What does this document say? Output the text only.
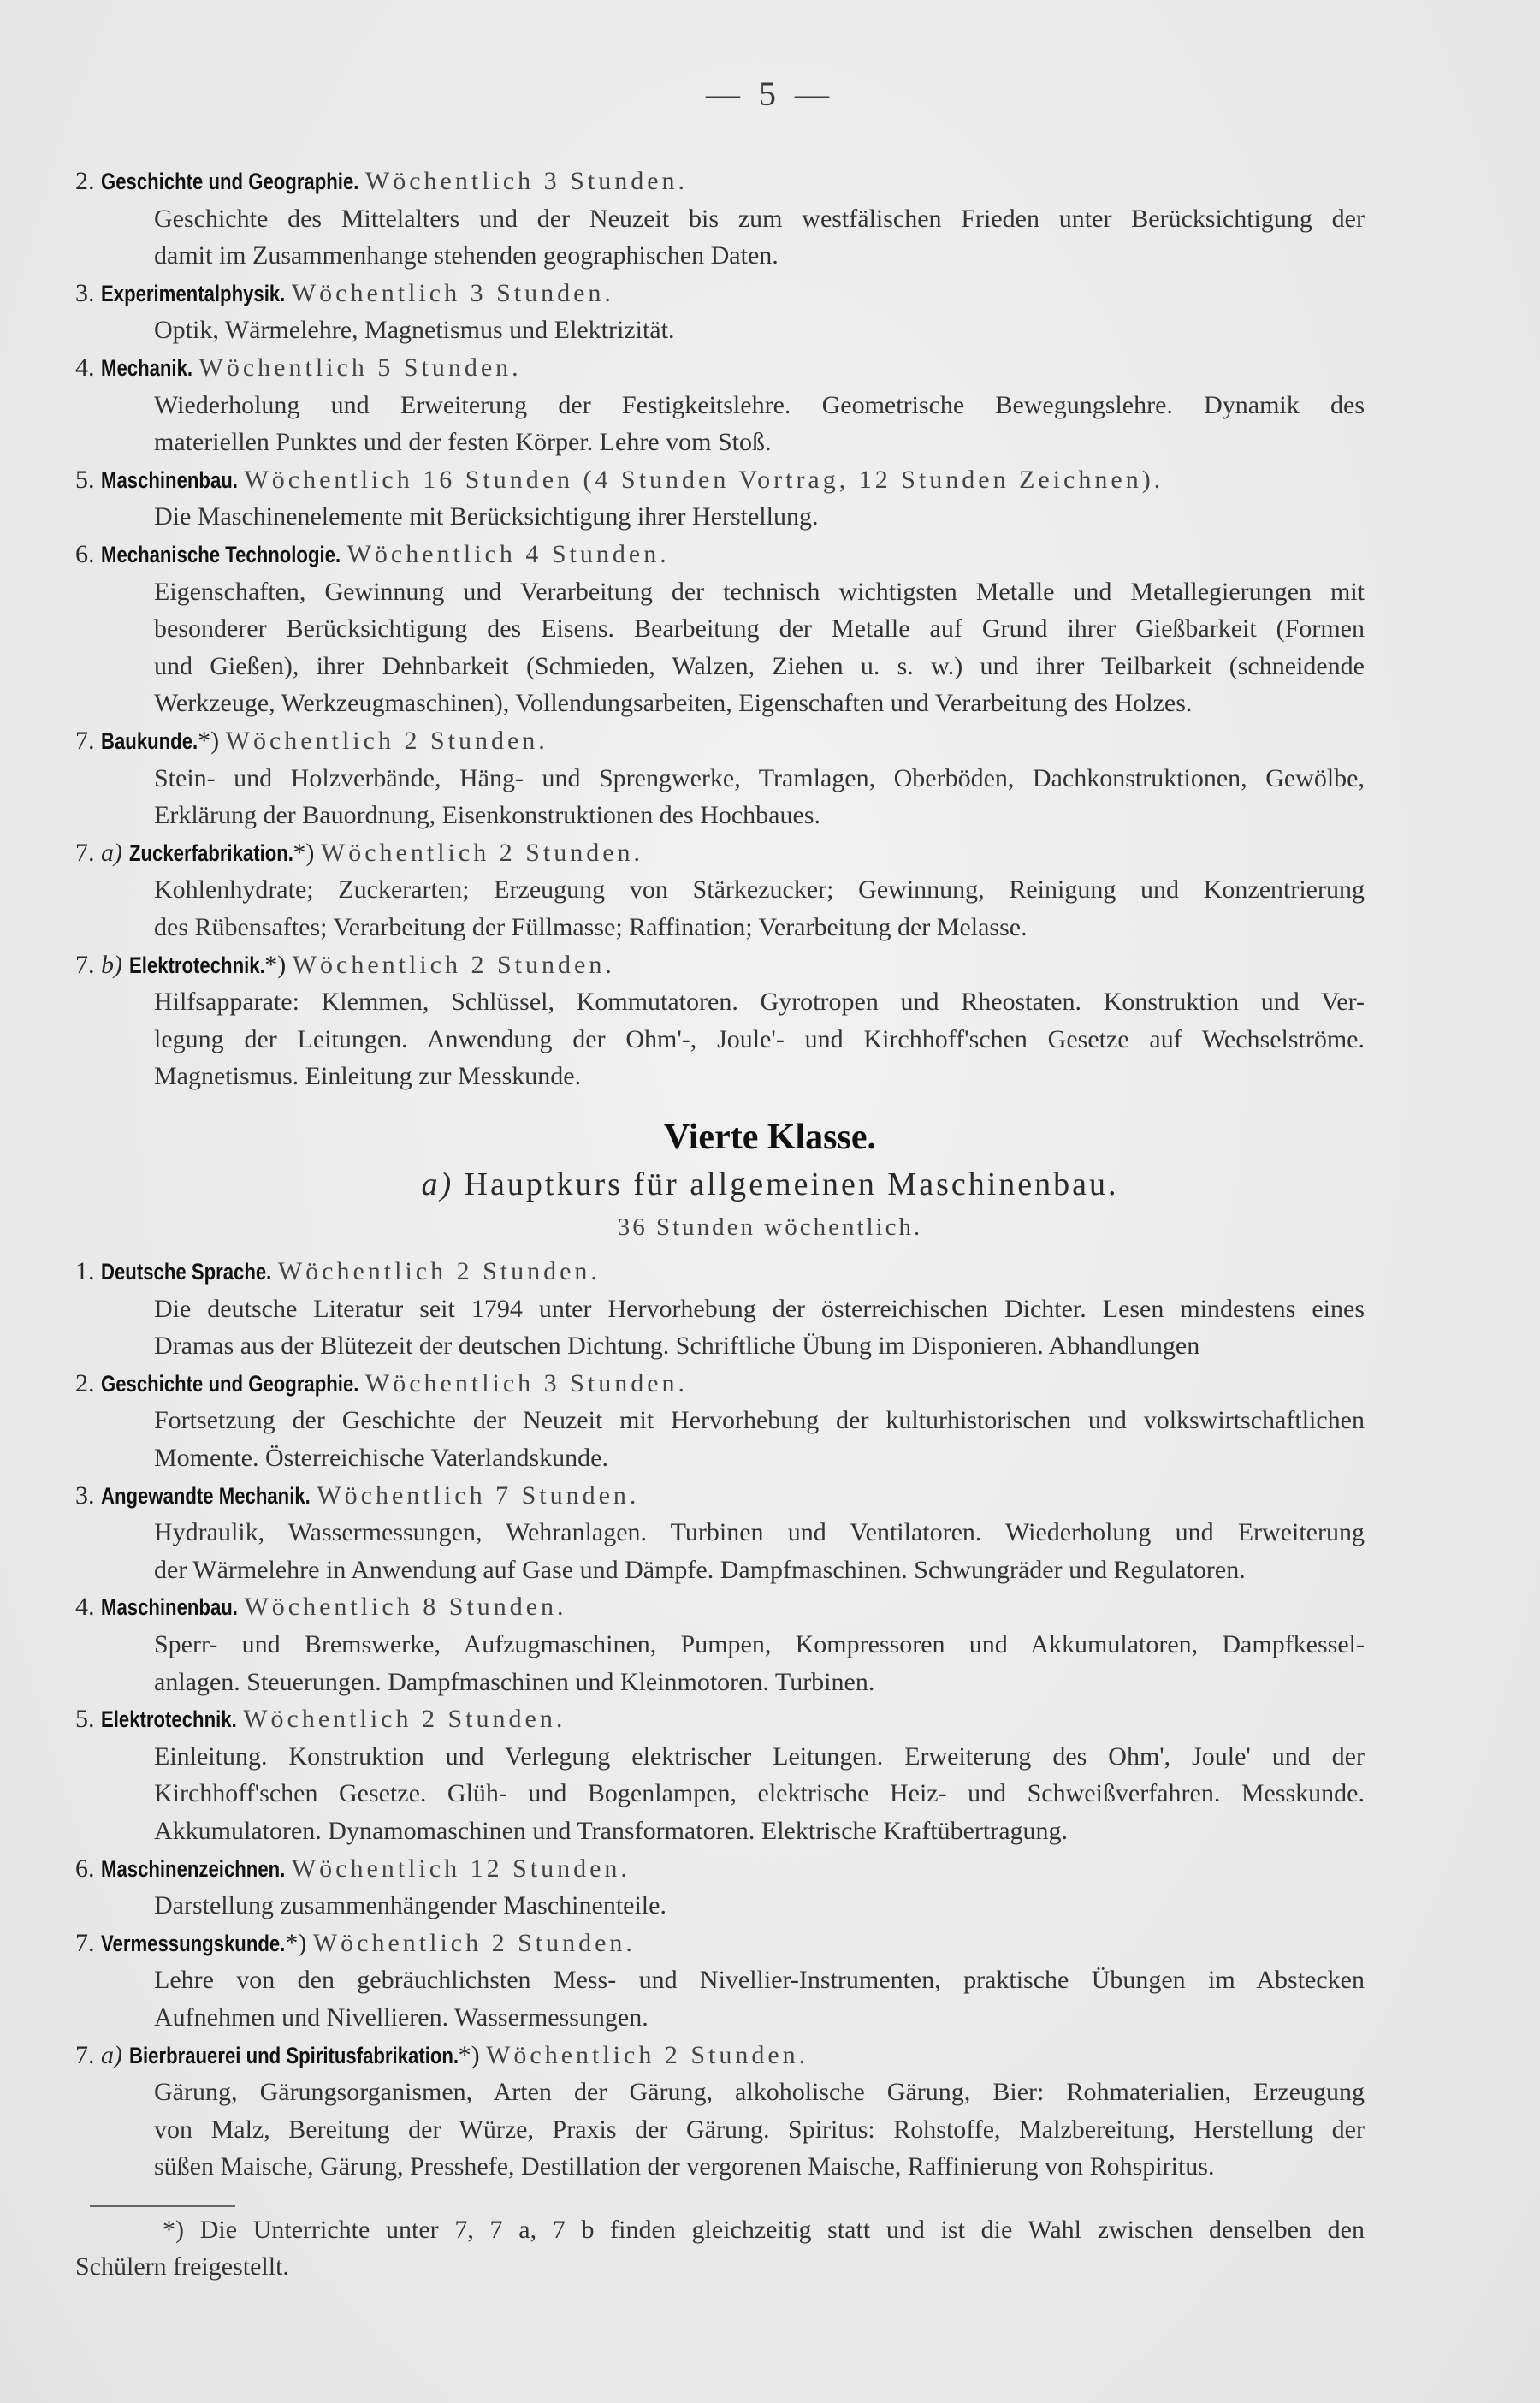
— 5 —
2. Geschichte und Geographie. Wöchentlich 3 Stunden.
Geschichte des Mittelalters und der Neuzeit bis zum westfälischen Frieden unter Berücksichtigung der
damit im Zusammenhange stehenden geographischen Daten.
3. Experimentalphysik. Wöchentlich 3 Stunden.
Optik, Wärmelehre, Magnetismus und Elektrizität.
4. Mechanik. Wöchentlich 5 Stunden.
Wiederholung und Erweiterung der Festigkeitslehre. Geometrische Bewegungslehre. Dynamik des
materiellen Punktes und der festen Körper. Lehre vom Stoß.
5. Maschinenbau. Wöchentlich 16 Stunden (4 Stunden Vortrag, 12 Stunden Zeichnen).
Die Maschinenelemente mit Berücksichtigung ihrer Herstellung.
6. Mechanische Technologie. Wöchentlich 4 Stunden.
Eigenschaften, Gewinnung und Verarbeitung der technisch wichtigsten Metalle und Metallegierungen mit
besonderer Berücksichtigung des Eisens. Bearbeitung der Metalle auf Grund ihrer Gießbarkeit (Formen
und Gießen), ihrer Dehnbarkeit (Schmieden, Walzen, Ziehen u. s. w.) und ihrer Teilbarkeit (schneidende
Werkzeuge, Werkzeugmaschinen), Vollendungsarbeiten, Eigenschaften und Verarbeitung des Holzes.
7. Baukunde.*) Wöchentlich 2 Stunden.
Stein- und Holzverbände, Häng- und Sprengwerke, Tramlagen, Oberböden, Dachkonstruktionen, Gewölbe,
Erklärung der Bauordnung, Eisenkonstruktionen des Hochbaues.
7. a) Zuckerfabrikation.*) Wöchentlich 2 Stunden.
Kohlenhydrate; Zuckerarten; Erzeugung von Stärkezucker; Gewinnung, Reinigung und Konzentrierung
des Rübensaftes; Verarbeitung der Füllmasse; Raffination; Verarbeitung der Melasse.
7. b) Elektrotechnik.*) Wöchentlich 2 Stunden.
Hilfsapparate: Klemmen, Schlüssel, Kommutatoren. Gyrotropen und Rheostaten. Konstruktion und Ver-
legung der Leitungen. Anwendung der Ohm'-, Joule'- und Kirchhoff'schen Gesetze auf Wechselströme.
Magnetismus. Einleitung zur Messkunde.
Vierte Klasse.
a) Hauptkurs für allgemeinen Maschinenbau.
36 Stunden wöchentlich.
1. Deutsche Sprache. Wöchentlich 2 Stunden.
Die deutsche Literatur seit 1794 unter Hervorhebung der österreichischen Dichter. Lesen mindestens eines
Dramas aus der Blütezeit der deutschen Dichtung. Schriftliche Übung im Disponieren. Abhandlungen
2. Geschichte und Geographie. Wöchentlich 3 Stunden.
Fortsetzung der Geschichte der Neuzeit mit Hervorhebung der kulturhistorischen und volkswirtschaftlichen
Momente. Österreichische Vaterlandskunde.
3. Angewandte Mechanik. Wöchentlich 7 Stunden.
Hydraulik, Wassermessungen, Wehranlagen. Turbinen und Ventilatoren. Wiederholung und Erweiterung
der Wärmelehre in Anwendung auf Gase und Dämpfe. Dampfmaschinen. Schwungräder und Regulatoren.
4. Maschinenbau. Wöchentlich 8 Stunden.
Sperr- und Bremswerke, Aufzugmaschinen, Pumpen, Kompressoren und Akkumulatoren, Dampfkessel-
anlagen. Steuerungen. Dampfmaschinen und Kleinmotoren. Turbinen.
5. Elektrotechnik. Wöchentlich 2 Stunden.
Einleitung. Konstruktion und Verlegung elektrischer Leitungen. Erweiterung des Ohm', Joule' und der
Kirchhoff'schen Gesetze. Glüh- und Bogenlampen, elektrische Heiz- und Schweißverfahren. Messkunde.
Akkumulatoren. Dynamomaschinen und Transformatoren. Elektrische Kraftübertragung.
6. Maschinenzeichnen. Wöchentlich 12 Stunden.
Darstellung zusammenhängender Maschinenteile.
7. Vermessungskunde.*) Wöchentlich 2 Stunden.
Lehre von den gebräuchlichsten Mess- und Nivellier-Instrumenten, praktische Übungen im Abstecken
Aufnehmen und Nivellieren. Wassermessungen.
7. a) Bierbrauerei und Spiritusfabrikation.*) Wöchentlich 2 Stunden.
Gärung, Gärungsorganismen, Arten der Gärung, alkoholische Gärung, Bier: Rohmaterialien, Erzeugung
von Malz, Bereitung der Würze, Praxis der Gärung. Spiritus: Rohstoffe, Malzbereitung, Herstellung der
süßen Maische, Gärung, Presshefe, Destillation der vergorenen Maische, Raffinierung von Rohspiritus.
*) Die Unterrichte unter 7, 7 a, 7 b finden gleichzeitig statt und ist die Wahl zwischen denselben den
Schülern freigestellt.
